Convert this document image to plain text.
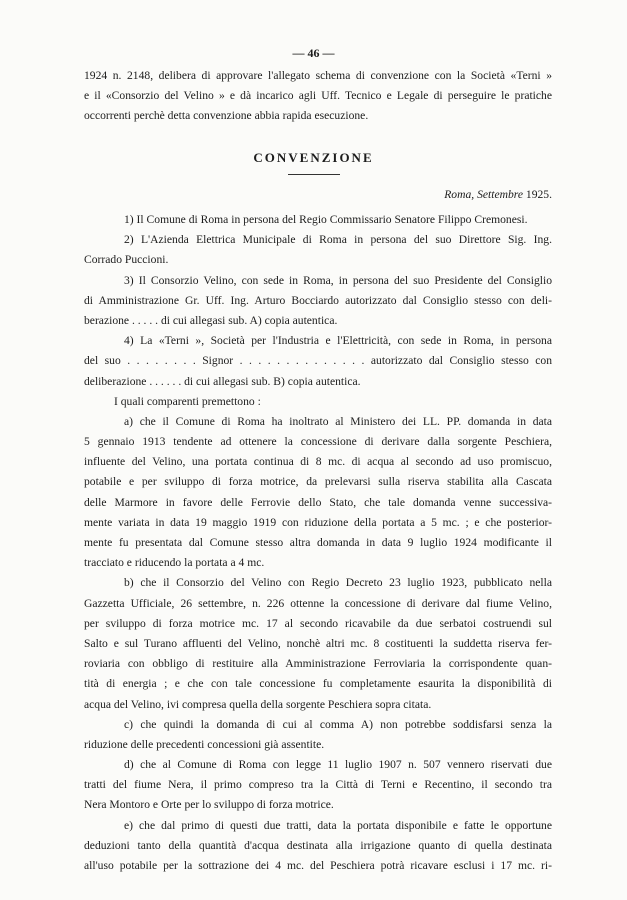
— 46 —
1924 n. 2148, delibera di approvare l'allegato schema di convenzione con la Società «Terni »
e il «Consorzio del Velino » e dà incarico agli Uff. Tecnico e Legale di perseguire le pratiche
occorrenti perchè detta convenzione abbia rapida esecuzione.
CONVENZIONE
Roma, Settembre 1925.
1) Il Comune di Roma in persona del Regio Commissario Senatore Filippo Cremonesi.
2) L'Azienda Elettrica Municipale di Roma in persona del suo Direttore Sig. Ing.
Corrado Puccioni.
3) Il Consorzio Velino, con sede in Roma, in persona del suo Presidente del Consiglio
di Amministrazione Gr. Uff. Ing. Arturo Bocciardo autorizzato dal Consiglio stesso con deli-
berazione . . . . . di cui allegasi sub. A) copia autentica.
4) La «Terni », Società per l'Industria e l'Elettricità, con sede in Roma, in persona
del suo . . . . . . . . Signor . . . . . . . . . . . . . . autorizzato dal Consiglio stesso con
deliberazione . . . . . . di cui allegasi sub. B) copia autentica.
I quali comparenti premettono :
a) che il Comune di Roma ha inoltrato al Ministero dei LL. PP. domanda in data
5 gennaio 1913 tendente ad ottenere la concessione di derivare dalla sorgente Peschiera,
influente del Velino, una portata continua di 8 mc. di acqua al secondo ad uso promiscuo,
potabile e per sviluppo di forza motrice, da prelevarsi sulla riserva stabilita alla Cascata
delle Marmore in favore delle Ferrovie dello Stato, che tale domanda venne successiva-
mente variata in data 19 maggio 1919 con riduzione della portata a 5 mc. ; e che posterior-
mente fu presentata dal Comune stesso altra domanda in data 9 luglio 1924 modificante il
tracciato e riducendo la portata a 4 mc.
b) che il Consorzio del Velino con Regio Decreto 23 luglio 1923, pubblicato nella
Gazzetta Ufficiale, 26 settembre, n. 226 ottenne la concessione di derivare dal fiume Velino,
per sviluppo di forza motrice mc. 17 al secondo ricavabile da due serbatoi costruendi sul
Salto e sul Turano affluenti del Velino, nonchè altri mc. 8 costituenti la suddetta riserva fer-
roviaria con obbligo di restituire alla Amministrazione Ferroviaria la corrispondente quan-
tità di energia ; e che con tale concessione fu completamente esaurita la disponibilità di
acqua del Velino, ivi compresa quella della sorgente Peschiera sopra citata.
c) che quindi la domanda di cui al comma A) non potrebbe soddisfarsi senza la
riduzione delle precedenti concessioni già assentite.
d) che al Comune di Roma con legge 11 luglio 1907 n. 507 vennero riservati due
tratti del fiume Nera, il primo compreso tra la Città di Terni e Recentino, il secondo tra
Nera Montoro e Orte per lo sviluppo di forza motrice.
e) che dal primo di questi due tratti, data la portata disponibile e fatte le opportune
deduzioni tanto della quantità d'acqua destinata alla irrigazione quanto di quella destinata
all'uso potabile per la sottrazione dei 4 mc. del Peschiera potrà ricavare esclusi i 17 mc. ri-
